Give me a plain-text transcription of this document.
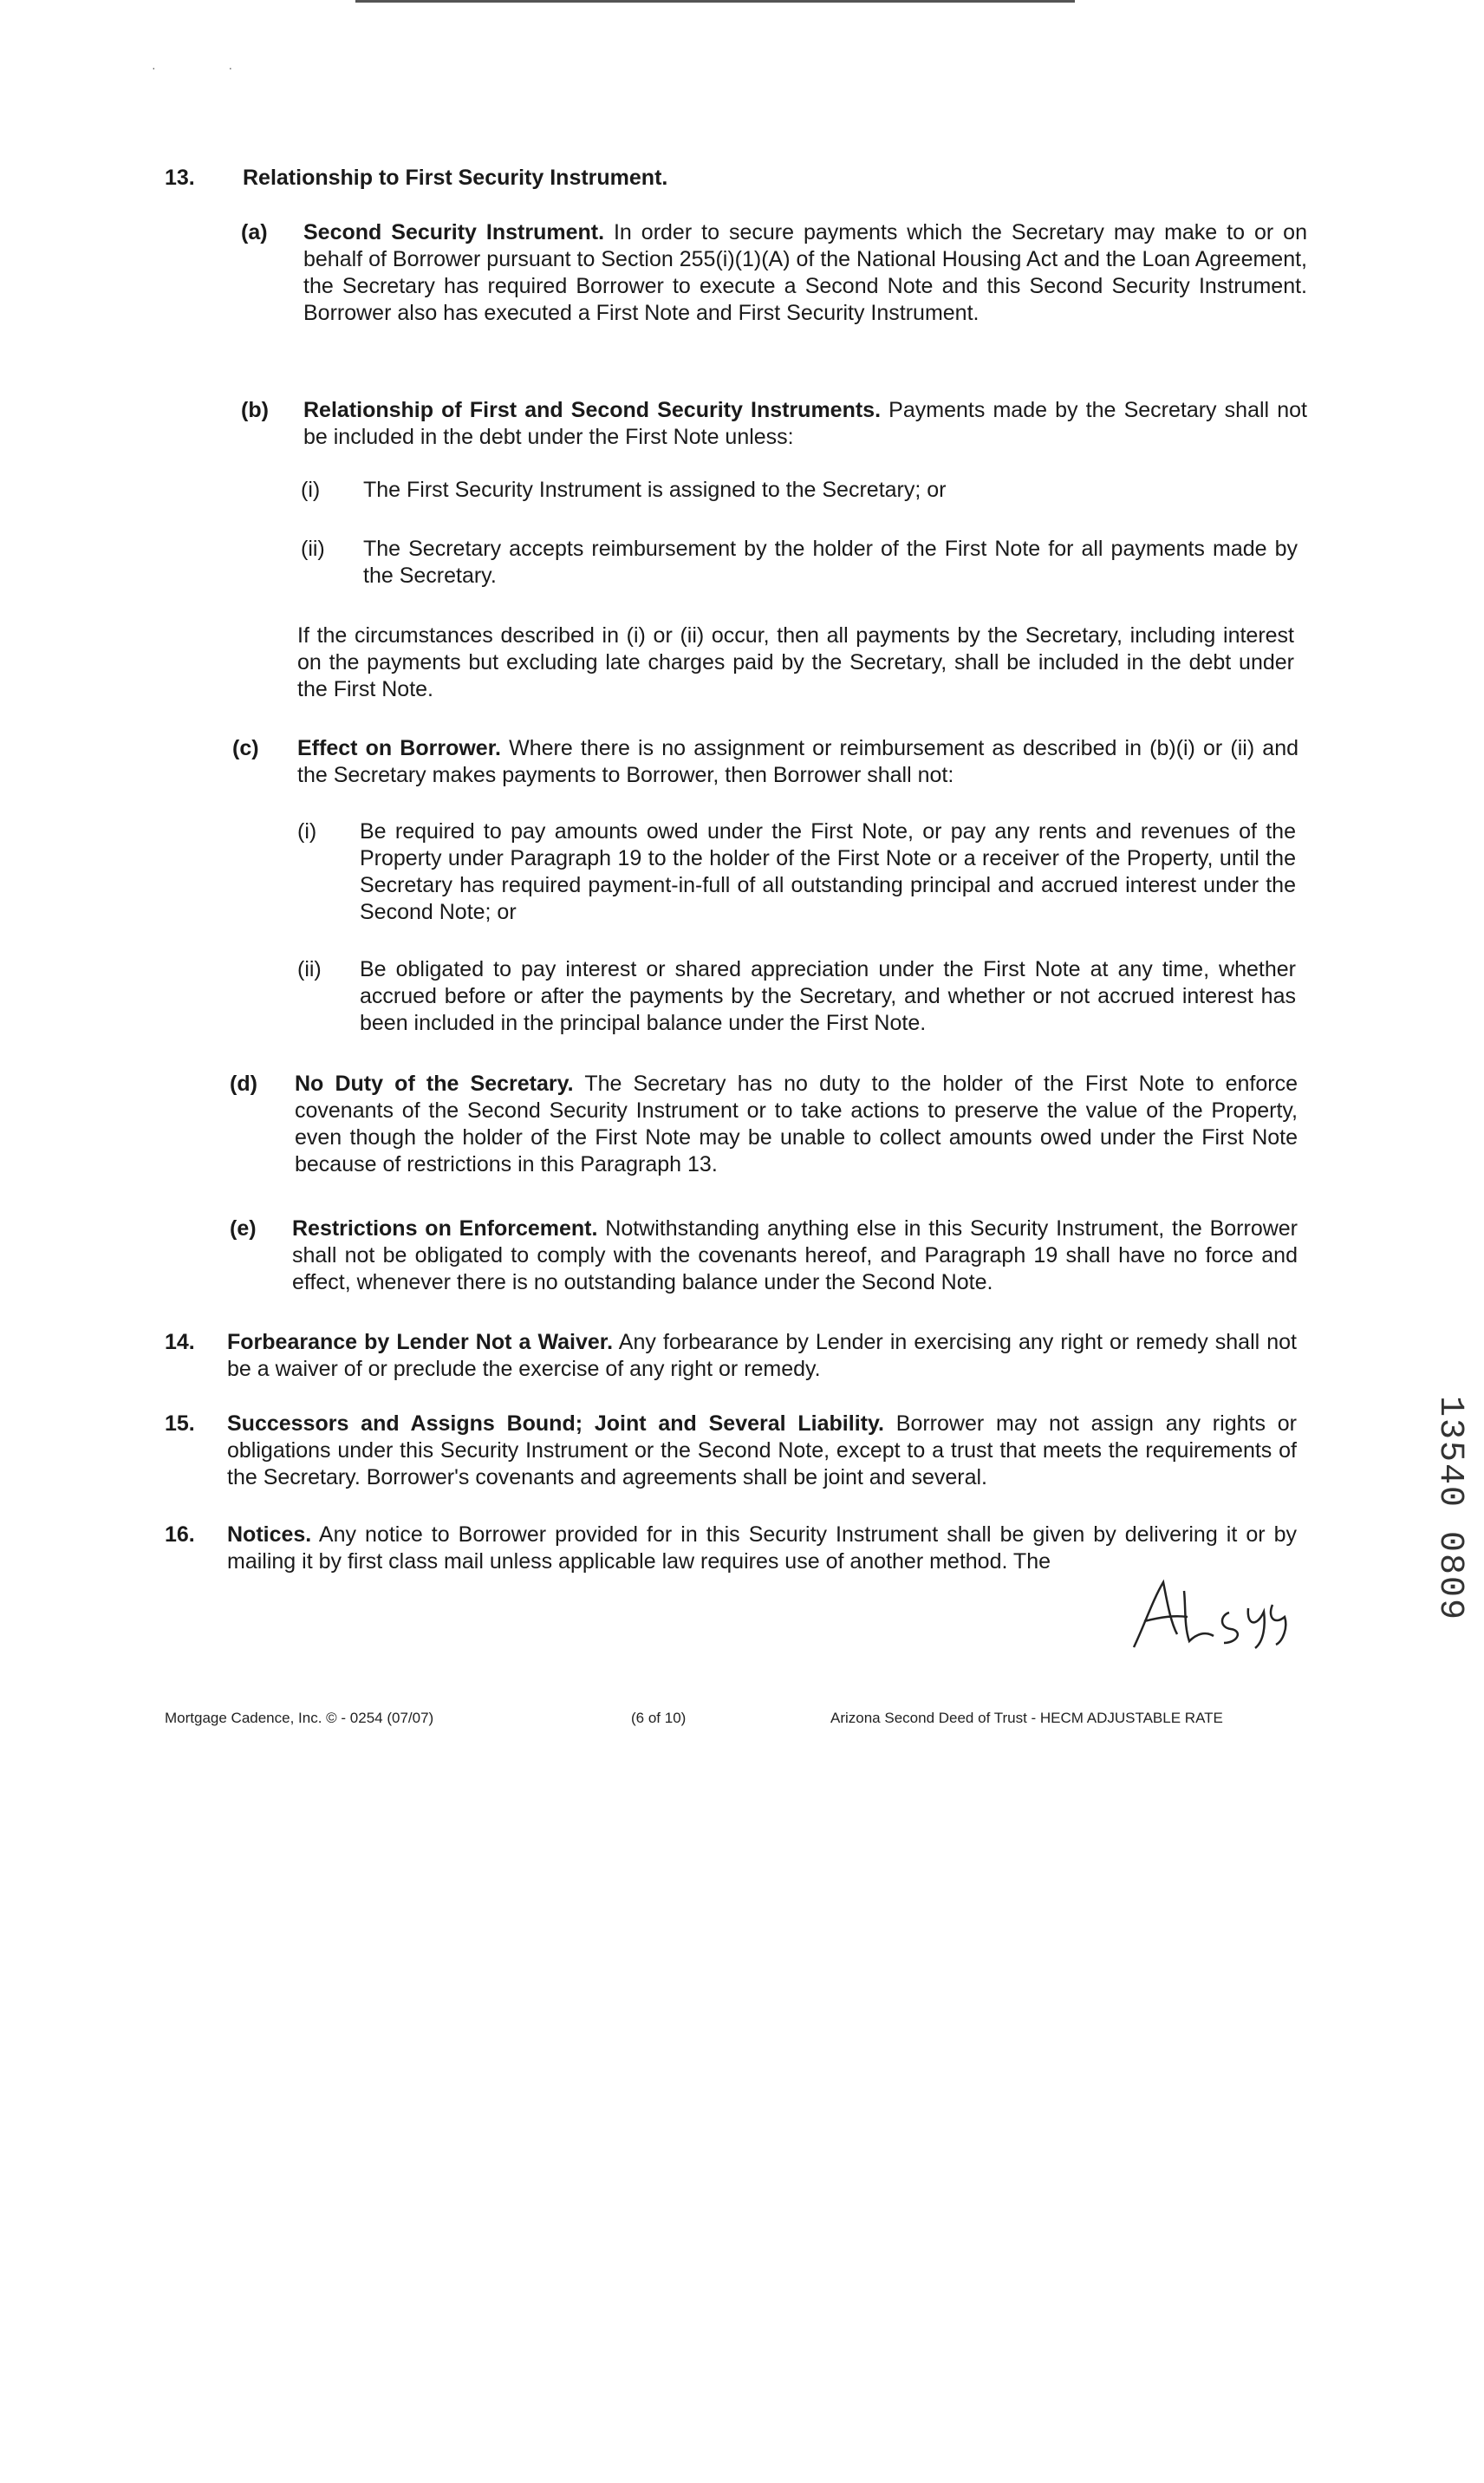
· ·
13. Relationship to First Security Instrument.
(a) Second Security Instrument. In order to secure payments which the Secretary may make to or on behalf of Borrower pursuant to Section 255(i)(1)(A) of the National Housing Act and the Loan Agreement, the Secretary has required Borrower to execute a Second Note and this Second Security Instrument. Borrower also has executed a First Note and First Security Instrument.
(b) Relationship of First and Second Security Instruments. Payments made by the Secretary shall not be included in the debt under the First Note unless:
(i) The First Security Instrument is assigned to the Secretary; or
(ii) The Secretary accepts reimbursement by the holder of the First Note for all payments made by the Secretary.
If the circumstances described in (i) or (ii) occur, then all payments by the Secretary, including interest on the payments but excluding late charges paid by the Secretary, shall be included in the debt under the First Note.
(c) Effect on Borrower. Where there is no assignment or reimbursement as described in (b)(i) or (ii) and the Secretary makes payments to Borrower, then Borrower shall not:
(i) Be required to pay amounts owed under the First Note, or pay any rents and revenues of the Property under Paragraph 19 to the holder of the First Note or a receiver of the Property, until the Secretary has required payment-in-full of all outstanding principal and accrued interest under the Second Note; or
(ii) Be obligated to pay interest or shared appreciation under the First Note at any time, whether accrued before or after the payments by the Secretary, and whether or not accrued interest has been included in the principal balance under the First Note.
(d) No Duty of the Secretary. The Secretary has no duty to the holder of the First Note to enforce covenants of the Second Security Instrument or to take actions to preserve the value of the Property, even though the holder of the First Note may be unable to collect amounts owed under the First Note because of restrictions in this Paragraph 13.
(e) Restrictions on Enforcement. Notwithstanding anything else in this Security Instrument, the Borrower shall not be obligated to comply with the covenants hereof, and Paragraph 19 shall have no force and effect, whenever there is no outstanding balance under the Second Note.
14. Forbearance by Lender Not a Waiver. Any forbearance by Lender in exercising any right or remedy shall not be a waiver of or preclude the exercise of any right or remedy.
15. Successors and Assigns Bound; Joint and Several Liability. Borrower may not assign any rights or obligations under this Security Instrument or the Second Note, except to a trust that meets the requirements of the Secretary. Borrower's covenants and agreements shall be joint and several.
16. Notices. Any notice to Borrower provided for in this Security Instrument shall be given by delivering it or by mailing it by first class mail unless applicable law requires use of another method. The
Mortgage Cadence, Inc. © - 0254 (07/07)	(6 of 10)	Arizona Second Deed of Trust - HECM ADJUSTABLE RATE
13540 0809
